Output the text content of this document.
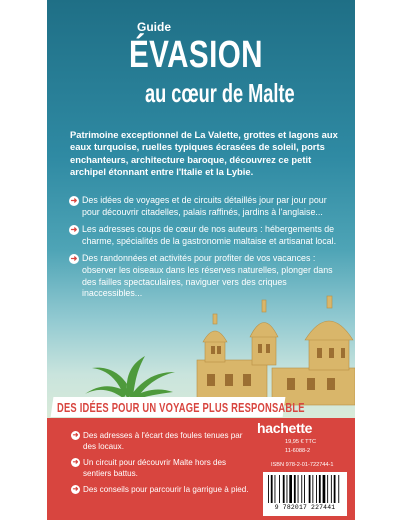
Guide
ÉVASION
au cœur de Malte
Patrimoine exceptionnel de La Valette, grottes et lagons aux eaux turquoise, ruelles typiques écrasées de soleil, ports enchanteurs, architecture baroque, découvrez ce petit archipel étonnant entre l'Italie et la Lybie.
➜ Des idées de voyages et de circuits détaillés jour par jour pour pour découvrir citadelles, palais raffinés, jardins à l'anglaise...
➜ Les adresses coups de cœur de nos auteurs : hébergements de charme, spécialités de la gastronomie maltaise et artisanat local.
➜ Des randonnées et activités pour profiter de vos vacances : observer les oiseaux dans les réserves naturelles, plonger dans des failles spectaculaires, naviguer vers des criques inaccessibles...
DES IDÉES POUR UN VOYAGE PLUS RESPONSABLE
➜ Des adresses à l'écart des foules tenues par des locaux.
➜ Un circuit pour découvrir Malte hors des sentiers battus.
➜ Des conseils pour parcourir la garrigue à pied.
hachette
19,95 € TTC
11-6088-2
ISBN 978-2-01-722744-1
9 782017 227441
